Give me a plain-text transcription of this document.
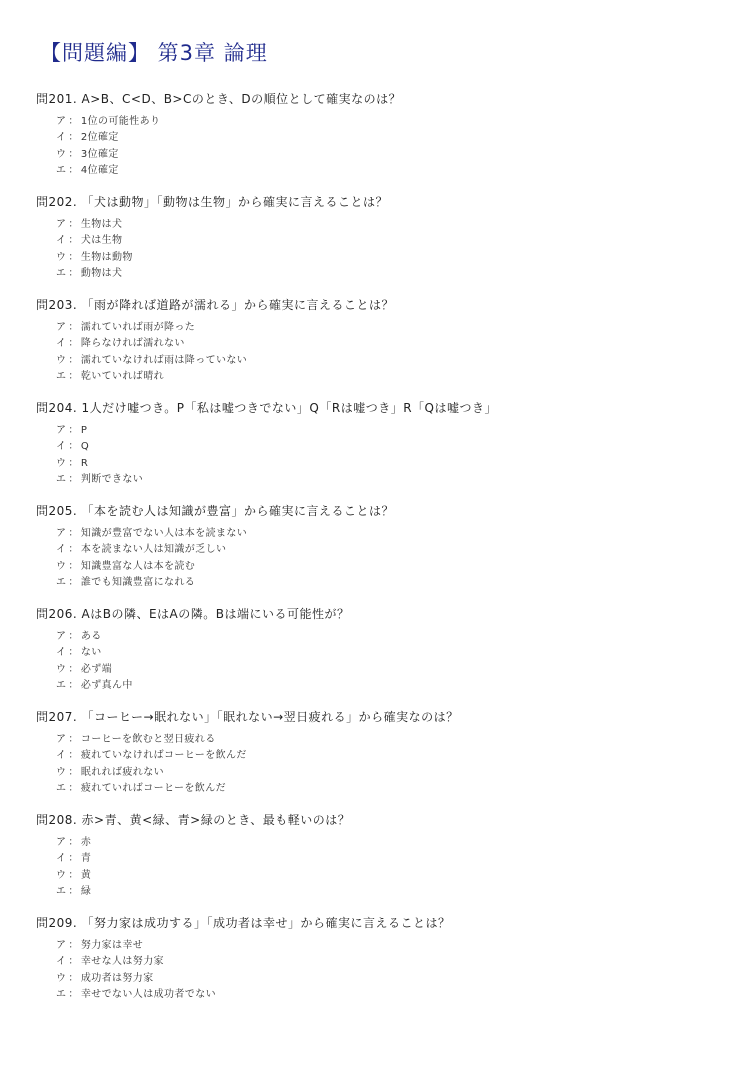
【問題編】 第3章 論理
問201. A>B、C<D、B>Cのとき、Dの順位として確実なのは？
ア ： 1位の可能性あり
イ ： 2位確定
ウ ： 3位確定
エ ： 4位確定
問202. 「犬は動物」「動物は生物」から確実に言えることは？
ア ： 生物は犬
イ ： 犬は生物
ウ ： 生物は動物
エ ： 動物は犬
問203. 「雨が降れば道路が濡れる」から確実に言えることは？
ア ： 濡れていれば雨が降った
イ ： 降らなければ濡れない
ウ ： 濡れていなければ雨は降っていない
エ ： 乾いていれば晴れ
問204. 1人だけ嘘つき。P「私は嘘つきでない」Q「Rは嘘つき」R「Qは嘘つき」
ア ： P
イ ： Q
ウ ： R
エ ： 判断できない
問205. 「本を読む人は知識が豊富」から確実に言えることは？
ア ： 知識が豊富でない人は本を読まない
イ ： 本を読まない人は知識が乏しい
ウ ： 知識豊富な人は本を読む
エ ： 誰でも知識豊富になれる
問206. AはBの隣、EはAの隣。Bは端にいる可能性が？
ア ： ある
イ ： ない
ウ ： 必ず端
エ ： 必ず真ん中
問207. 「コーヒー→眠れない」「眠れない→翌日疲れる」から確実なのは？
ア ： コーヒーを飲むと翌日疲れる
イ ： 疲れていなければコーヒーを飲んだ
ウ ： 眠れれば疲れない
エ ： 疲れていればコーヒーを飲んだ
問208. 赤>青、黄<緑、青>緑のとき、最も軽いのは？
ア ： 赤
イ ： 青
ウ ： 黄
エ ： 緑
問209. 「努力家は成功する」「成功者は幸せ」から確実に言えることは？
ア ： 努力家は幸せ
イ ： 幸せな人は努力家
ウ ： 成功者は努力家
エ ： 幸せでない人は成功者でない
